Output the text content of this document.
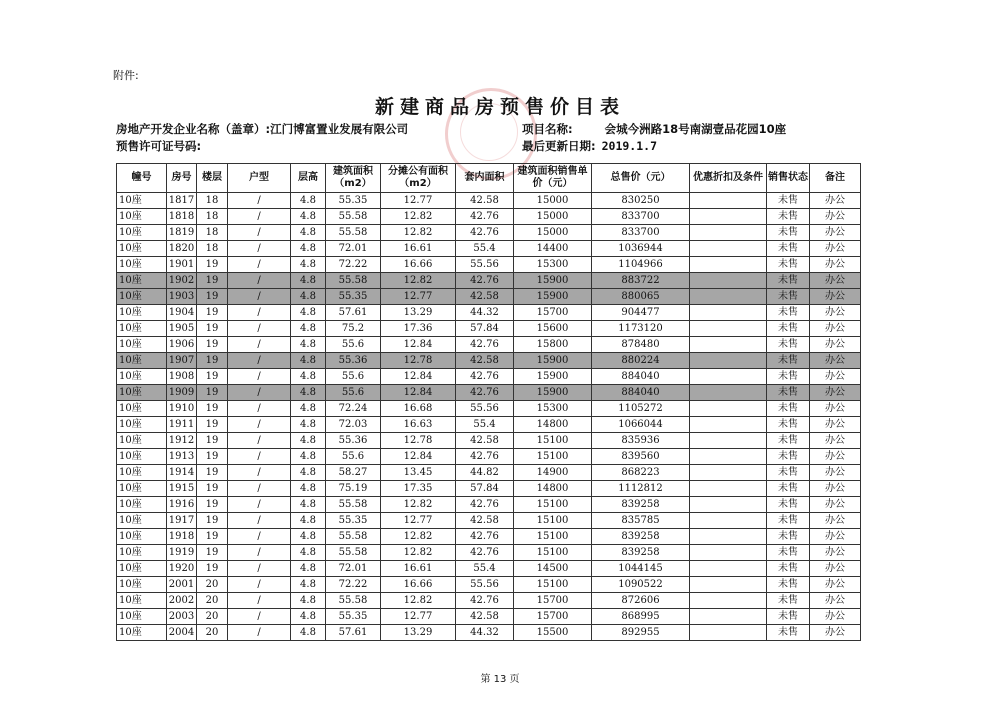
附件:
新建商品房预售价目表
房地产开发企业名称（盖章）:江门博富置业发展有限公司
预售许可证号码:
项目名称:	会城今洲路18号南湖壹品花园10座
最后更新日期: 2019.1.7
幢号	房号	楼层	户型	层高	建筑面积（m2）	分摊公有面积（m2）	套内面积	建筑面积销售单价（元）	总售价（元）	优惠折扣及条件	销售状态	备注
10座	1817	18	/	4.8	55.35	12.77	42.58	15000	830250		未售	办公
10座	1818	18	/	4.8	55.58	12.82	42.76	15000	833700		未售	办公
10座	1819	18	/	4.8	55.58	12.82	42.76	15000	833700		未售	办公
10座	1820	18	/	4.8	72.01	16.61	55.4	14400	1036944		未售	办公
10座	1901	19	/	4.8	72.22	16.66	55.56	15300	1104966		未售	办公
10座	1902	19	/	4.8	55.58	12.82	42.76	15900	883722		未售	办公
10座	1903	19	/	4.8	55.35	12.77	42.58	15900	880065		未售	办公
10座	1904	19	/	4.8	57.61	13.29	44.32	15700	904477		未售	办公
10座	1905	19	/	4.8	75.2	17.36	57.84	15600	1173120		未售	办公
10座	1906	19	/	4.8	55.6	12.84	42.76	15800	878480		未售	办公
10座	1907	19	/	4.8	55.36	12.78	42.58	15900	880224		未售	办公
10座	1908	19	/	4.8	55.6	12.84	42.76	15900	884040		未售	办公
10座	1909	19	/	4.8	55.6	12.84	42.76	15900	884040		未售	办公
10座	1910	19	/	4.8	72.24	16.68	55.56	15300	1105272		未售	办公
10座	1911	19	/	4.8	72.03	16.63	55.4	14800	1066044		未售	办公
10座	1912	19	/	4.8	55.36	12.78	42.58	15100	835936		未售	办公
10座	1913	19	/	4.8	55.6	12.84	42.76	15100	839560		未售	办公
10座	1914	19	/	4.8	58.27	13.45	44.82	14900	868223		未售	办公
10座	1915	19	/	4.8	75.19	17.35	57.84	14800	1112812		未售	办公
10座	1916	19	/	4.8	55.58	12.82	42.76	15100	839258		未售	办公
10座	1917	19	/	4.8	55.35	12.77	42.58	15100	835785		未售	办公
10座	1918	19	/	4.8	55.58	12.82	42.76	15100	839258		未售	办公
10座	1919	19	/	4.8	55.58	12.82	42.76	15100	839258		未售	办公
10座	1920	19	/	4.8	72.01	16.61	55.4	14500	1044145		未售	办公
10座	2001	20	/	4.8	72.22	16.66	55.56	15100	1090522		未售	办公
10座	2002	20	/	4.8	55.58	12.82	42.76	15700	872606		未售	办公
10座	2003	20	/	4.8	55.35	12.77	42.58	15700	868995		未售	办公
10座	2004	20	/	4.8	57.61	13.29	44.32	15500	892955		未售	办公
第 13 页
